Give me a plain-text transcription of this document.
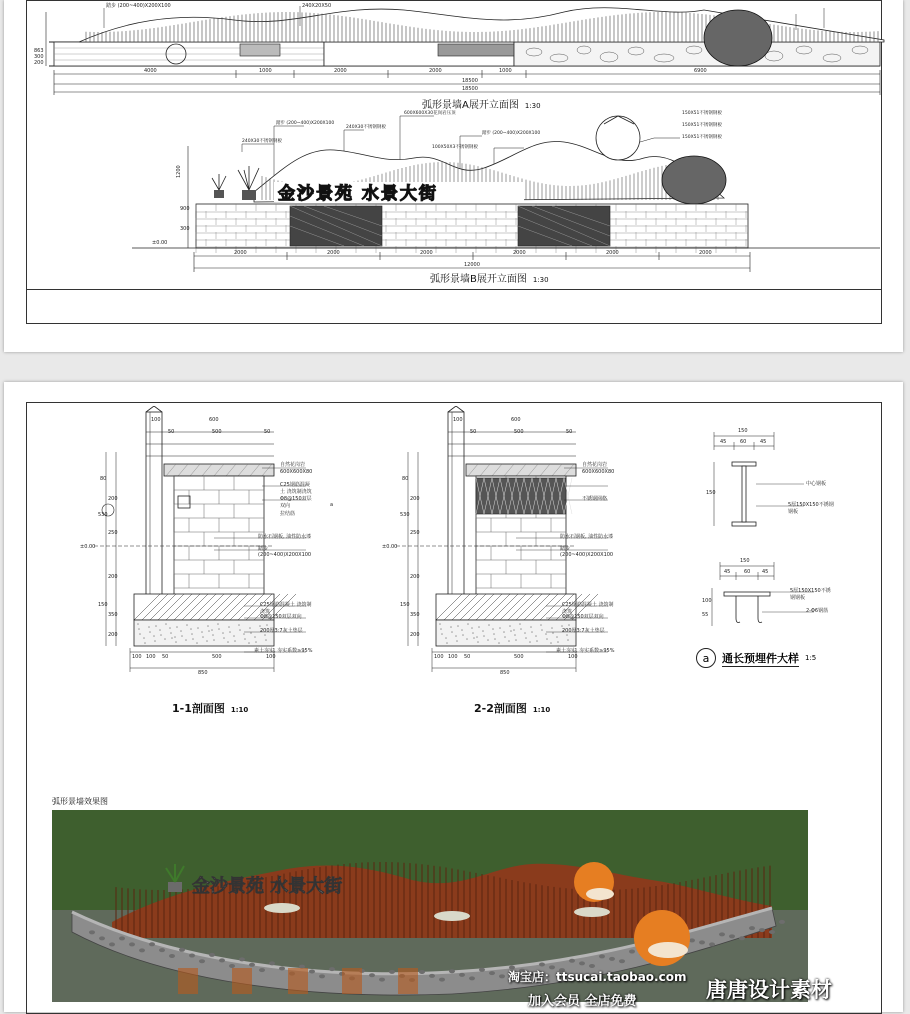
4000	1000	2000	2000	1000	6900
18500
18500
863
300
200
踏步 (200~400)X200X100	240X20X50
弧形景墙A展开立面图 1:30
240X30不锈钢钢板
踏步 (200~400)X200X100
600X600X30花岗岩压顶
240X30不锈钢钢板
100X50X3不锈钢钢板
踏步 (200~400)X200X100
150X51不锈钢钢板
150X51不锈钢钢板
150X51不锈钢钢板
金沙景苑 水景大街
±0.00
1200
900
300
2000	2000	2000	2000	2000	2000
12000
弧形景墙B展开立面图 1:30
100	600
50	500	50
自然花岗岩
600X600X80
C25钢筋混凝土 浇筑制浇筑
Φ8@150双层双向
拉结筋
防水石钢板, 油性防水漆
踏步 (200~400)X200X100
C25钢筋混凝土 浇筑制浇筑
Φ8@150双层双向
200厚3:7灰土垫层
素土夯实, 夯实系数≥95%
±0.00
80
200
530
250
200
150
350
200
100 100 50	500	100
850
a
1-1剖面图 1:10
100	600
50	500	50
自然花岗岩
600X600X80
不锈钢网格
防水石钢板, 油性防水漆
踏步 (200~400)X200X100
C25钢筋混凝土 浇筑制浇筑
Φ8@150双层双向
200厚3:7灰土垫层
素土夯实, 夯实系数≥95%
±0.00
80
200
530
250
200
150
350
200
100 100 50	500	100
850
2-2剖面图 1:10
150
45	60	45
150
中心钢板
5厚150X150不锈钢钢板
150
45	60 45
100
55
5厚150X150不锈钢钢板
2-Φ6钢筋
a	通长预埋件大样 1:5
弧形景墙效果图
金沙景苑 水景大街
淘宝店：ttsucai.taobao.com
唐唐设计素材
加入会员 全店免费
